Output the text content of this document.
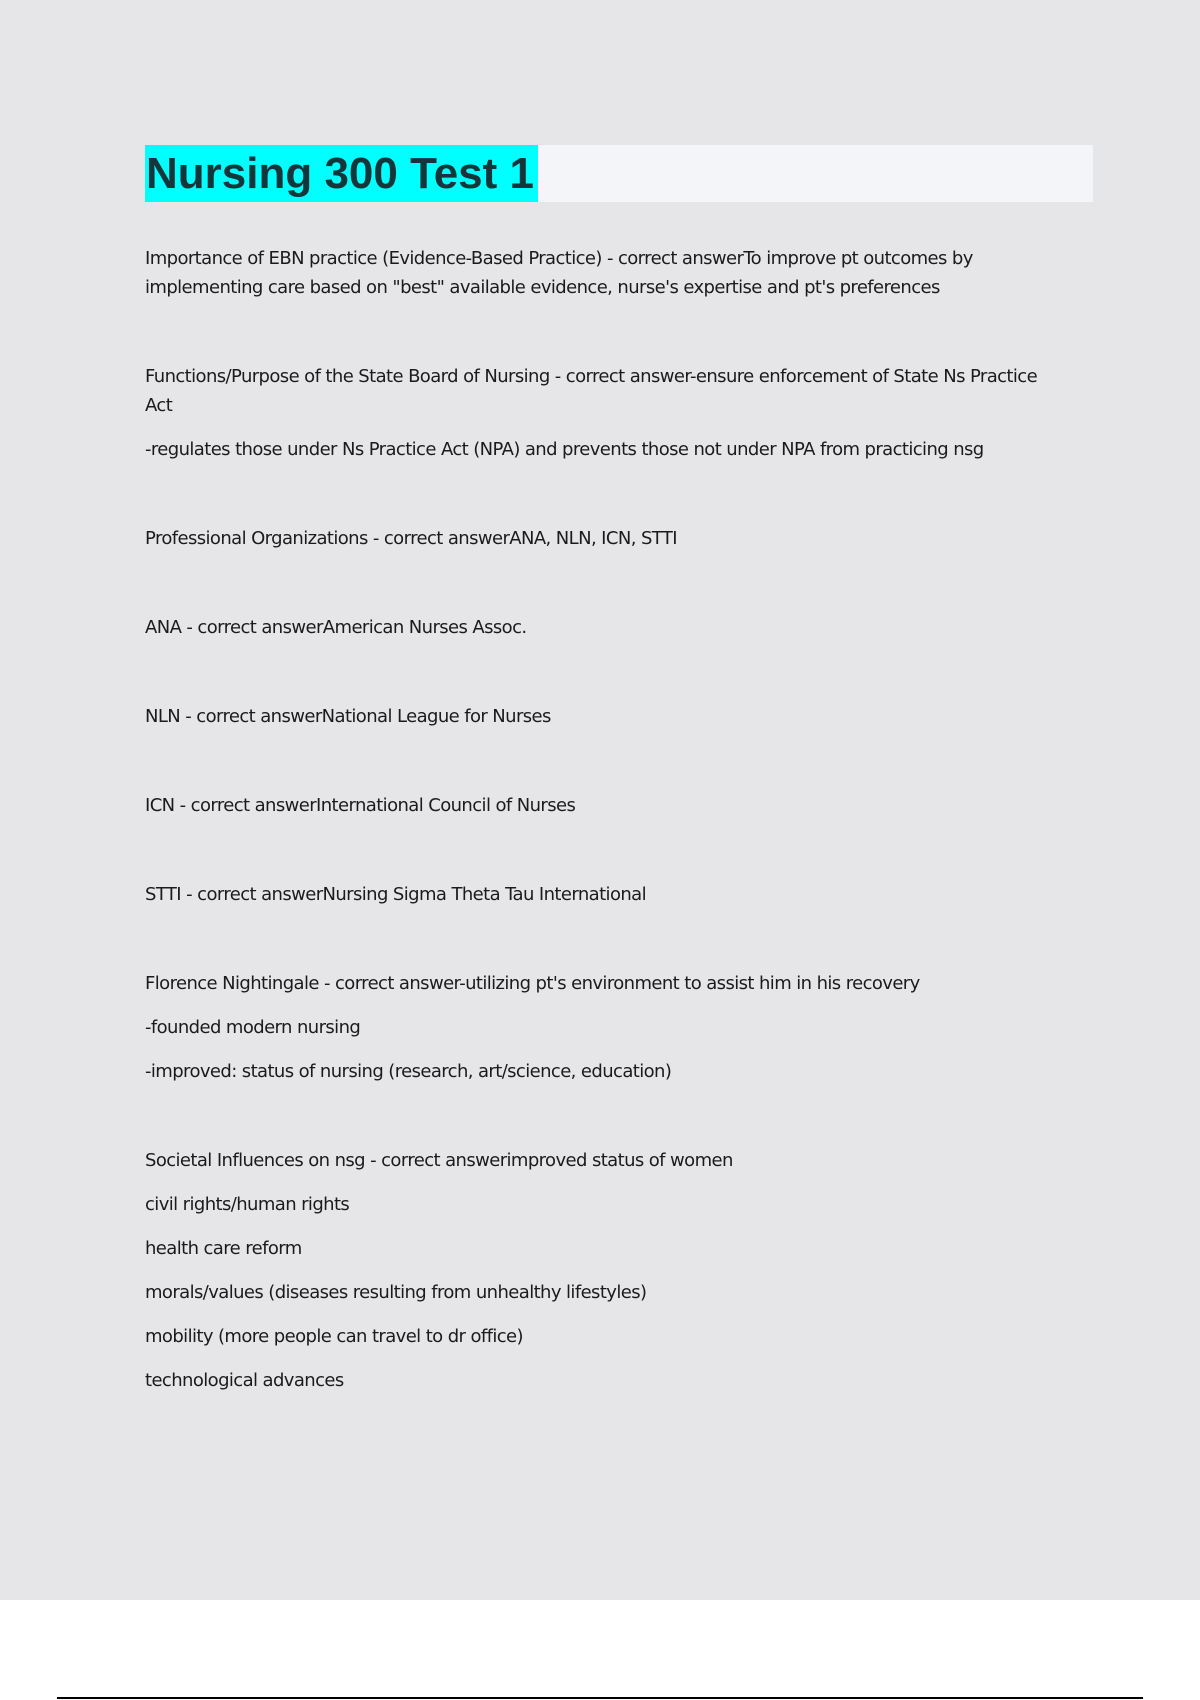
Nursing 300 Test 1

Importance of EBN practice (Evidence-Based Practice) - correct answerTo improve pt outcomes by implementing care based on "best" available evidence, nurse's expertise and pt's preferences

Functions/Purpose of the State Board of Nursing - correct answer-ensure enforcement of State Ns Practice Act

-regulates those under Ns Practice Act (NPA) and prevents those not under NPA from practicing nsg

Professional Organizations - correct answerANA, NLN, ICN, STTI

ANA - correct answerAmerican Nurses Assoc.

NLN - correct answerNational League for Nurses

ICN - correct answerInternational Council of Nurses

STTI - correct answerNursing Sigma Theta Tau International

Florence Nightingale - correct answer-utilizing pt's environment to assist him in his recovery

-founded modern nursing

-improved: status of nursing (research, art/science, education)

Societal Influences on nsg - correct answerimproved status of women

civil rights/human rights

health care reform

morals/values (diseases resulting from unhealthy lifestyles)

mobility (more people can travel to dr office)

technological advances
